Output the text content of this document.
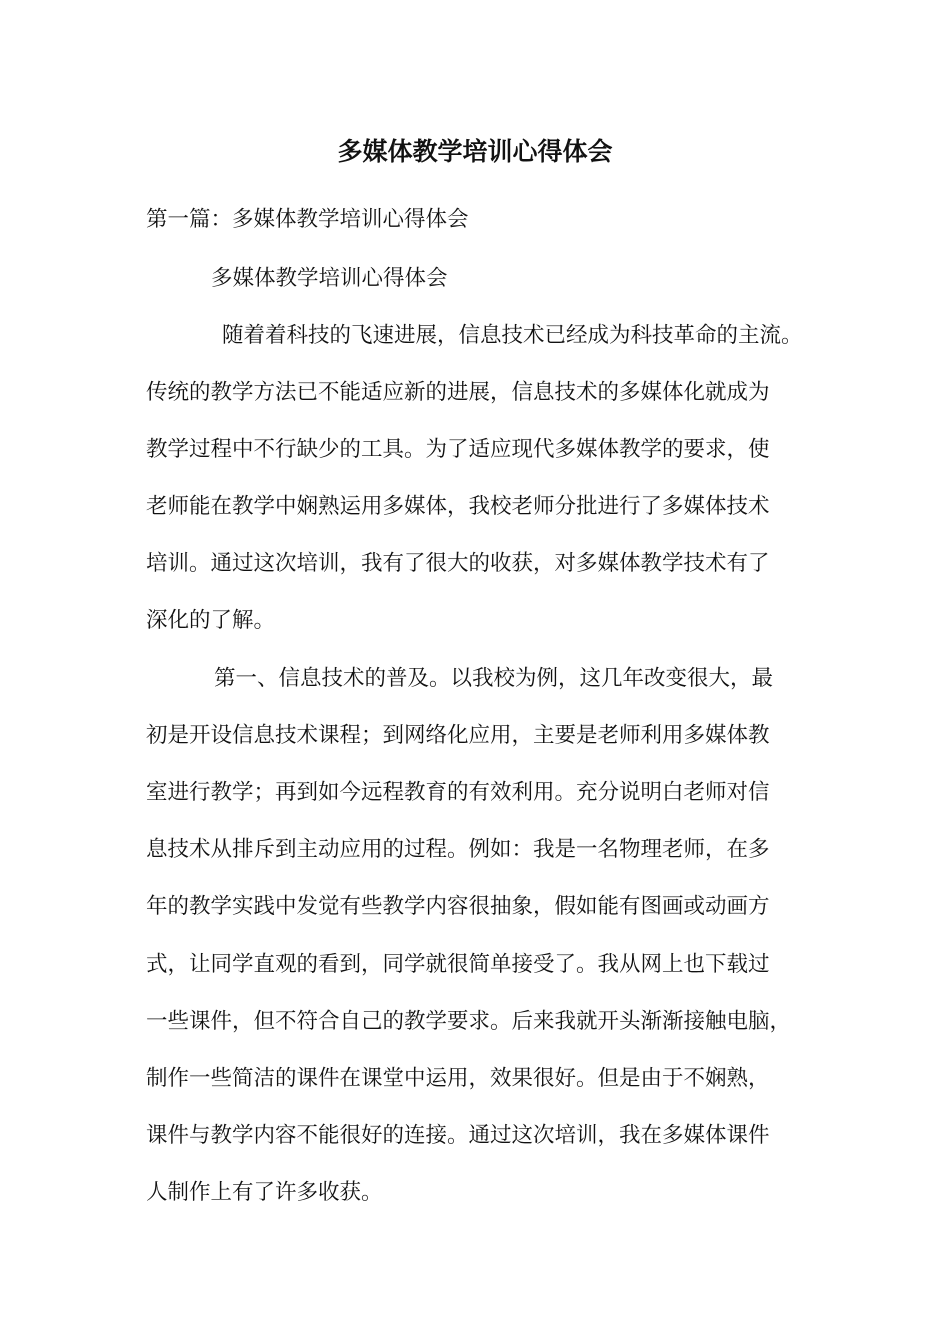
多媒体教学培训心得体会
第一篇：多媒体教学培训心得体会
多媒体教学培训心得体会
随着着科技的飞速进展，信息技术已经成为科技革命的主流。
传统的教学方法已不能适应新的进展，信息技术的多媒体化就成为
教学过程中不行缺少的工具。为了适应现代多媒体教学的要求，使
老师能在教学中娴熟运用多媒体，我校老师分批进行了多媒体技术
培训。通过这次培训，我有了很大的收获，对多媒体教学技术有了
深化的了解。
第一、信息技术的普及。以我校为例，这几年改变很大，最
初是开设信息技术课程；到网络化应用，主要是老师利用多媒体教
室进行教学；再到如今远程教育的有效利用。充分说明白老师对信
息技术从排斥到主动应用的过程。例如：我是一名物理老师，在多
年的教学实践中发觉有些教学内容很抽象，假如能有图画或动画方
式，让同学直观的看到，同学就很简单接受了。我从网上也下载过
一些课件，但不符合自己的教学要求。后来我就开头渐渐接触电脑，
制作一些简洁的课件在课堂中运用，效果很好。但是由于不娴熟，
课件与教学内容不能很好的连接。通过这次培训，我在多媒体课件
人制作上有了许多收获。
